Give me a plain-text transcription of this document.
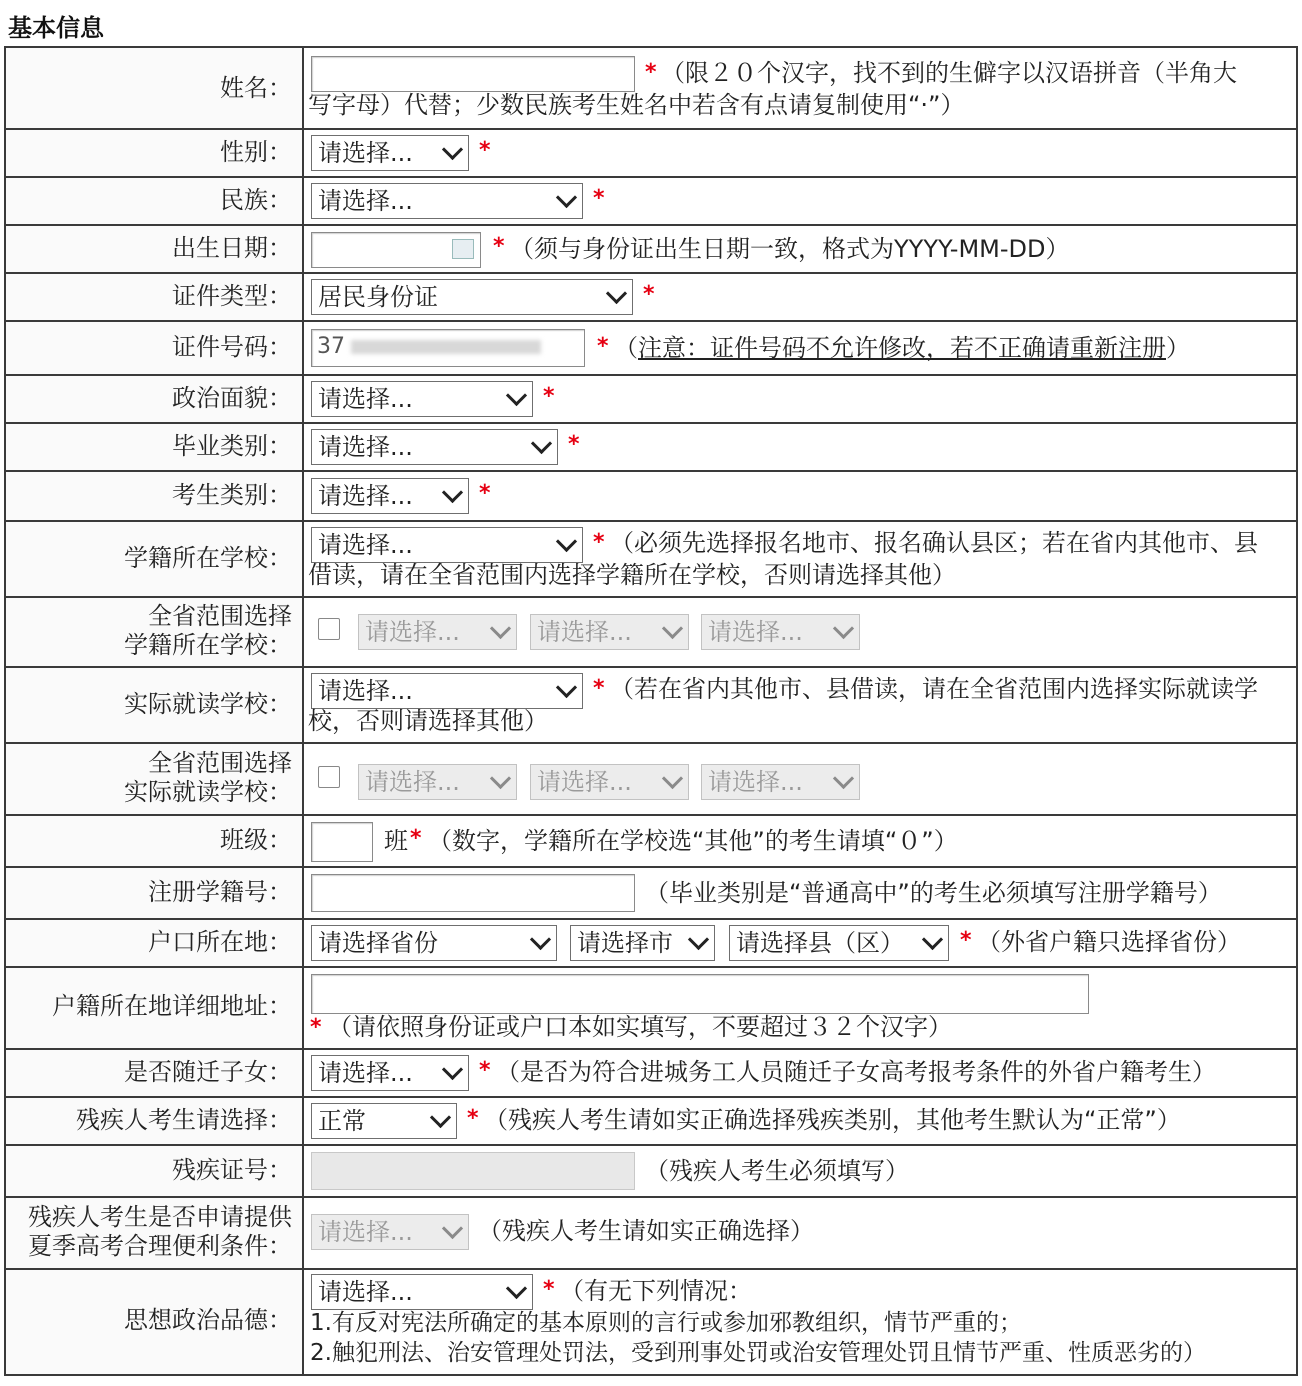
基本信息
姓名：
* （限２０个汉字，找不到的生僻字以汉语拼音（半角大
写字母）代替；少数民族考生姓名中若含有点请复制使用“·”）
性别： 请选择...	*
民族： 请选择...	*
出生日期：	* （须与身份证出生日期一致，格式为YYYY-MM-DD）
证件类型： 居民身份证	*
证件号码： 37	* （注意：证件号码不允许修改，若不正确请重新注册）
政治面貌： 请选择...	*
毕业类别： 请选择...	*
考生类别： 请选择...	*
学籍所在学校： 请选择...	* （必须先选择报名地市、报名确认县区；若在省内其他市、县
借读，请在全省范围内选择学籍所在学校，否则请选择其他）
全省范围选择
学籍所在学校：	请选择...	请选择...	请选择...
实际就读学校： 请选择...	* （若在省内其他市、县借读，请在全省范围内选择实际就读学
校，否则请选择其他）
全省范围选择
实际就读学校：	请选择...	请选择...	请选择...
班级：	班 * （数字，学籍所在学校选“其他”的考生请填“０”）
注册学籍号：	（毕业类别是“普通高中”的考生必须填写注册学籍号）
户口所在地： 请选择省份	请选择市	请选择县（区）	* （外省户籍只选择省份）
户籍所在地详细地址：
* （请依照身份证或户口本如实填写，不要超过３２个汉字）
是否随迁子女： 请选择...	* （是否为符合进城务工人员随迁子女高考报考条件的外省户籍考生）
残疾人考生请选择： 正常	* （残疾人考生请如实正确选择残疾类别，其他考生默认为“正常”）
残疾证号：	（残疾人考生必须填写）
残疾人考生是否申请提供
夏季高考合理便利条件： 请选择...	（残疾人考生请如实正确选择）
思想政治品德：
请选择...	* （有无下列情况：
1.有反对宪法所确定的基本原则的言行或参加邪教组织，情节严重的；
2.触犯刑法、治安管理处罚法，受到刑事处罚或治安管理处罚且情节严重、性质恶劣的）
头条 @山东中青教育
